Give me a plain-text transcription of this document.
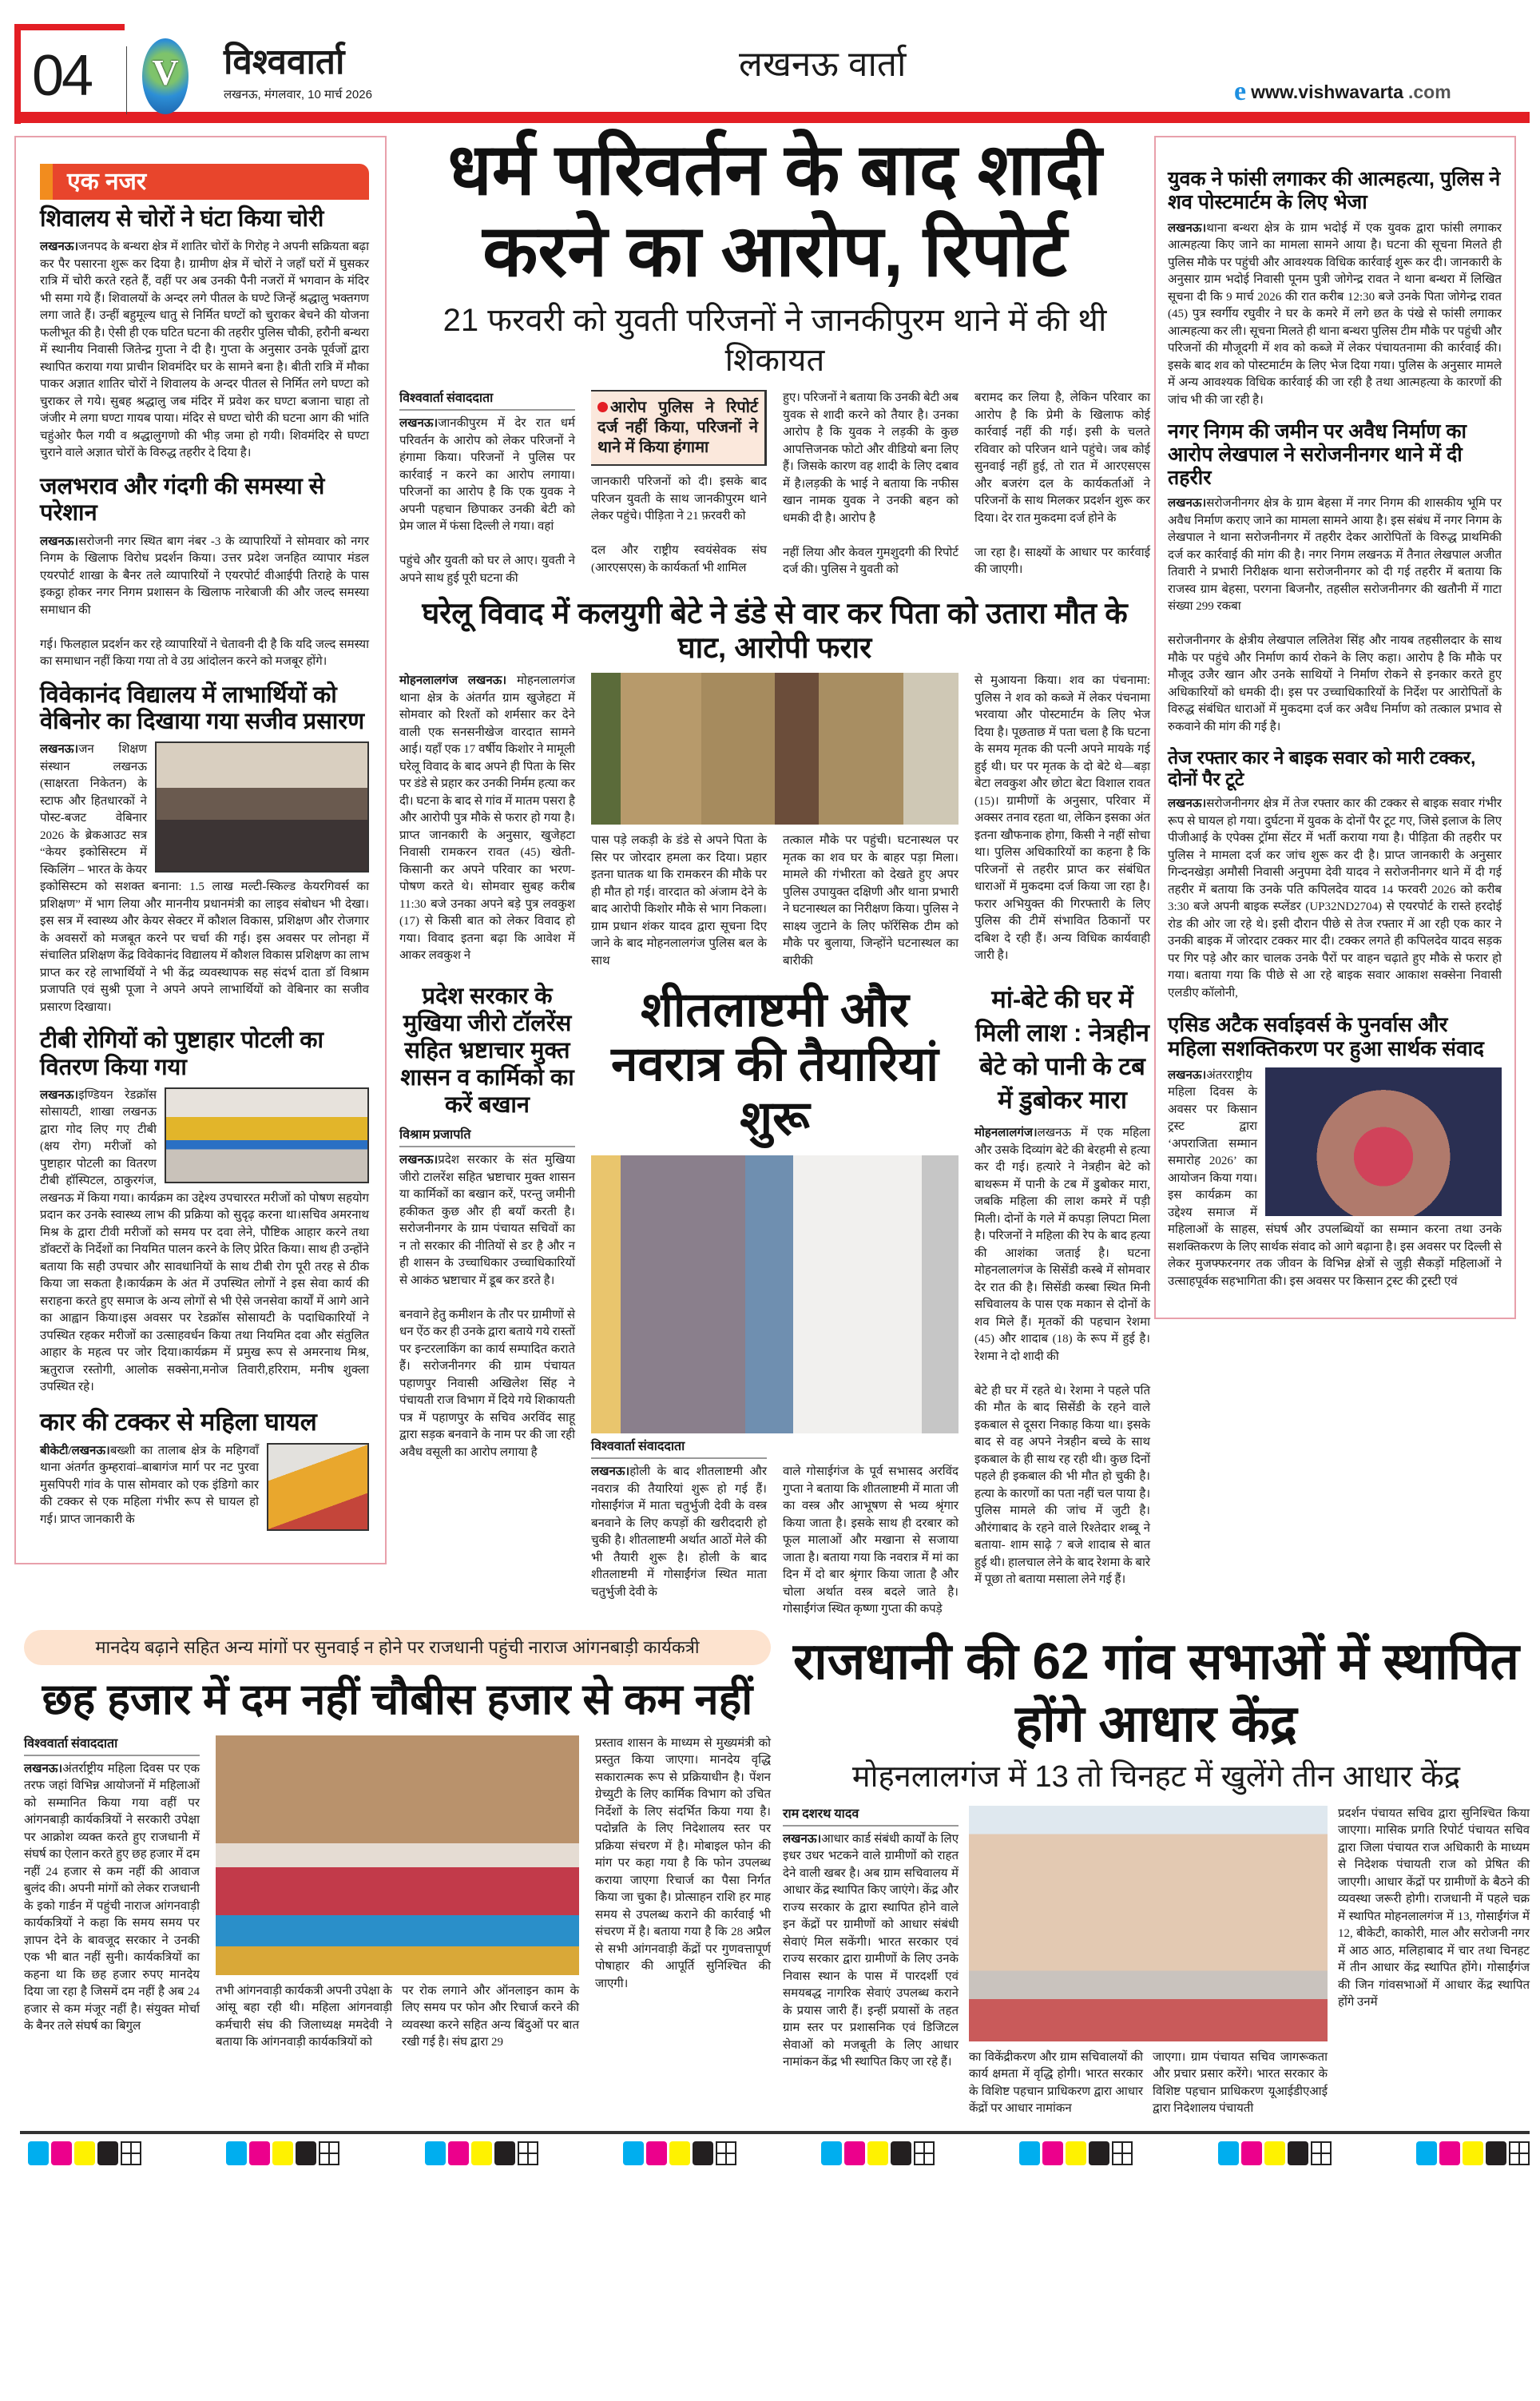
04 V विश्ववार्ता
लखनऊ, मंगलवार, 10 मार्च 2026
लखनऊ वार्ता
e www.vishwavarta .com
एक नजर
शिवालय से चोरों ने घंटा किया चोरी
लखनऊ।जनपद के बन्थरा क्षेत्र में शातिर चोरों के गिरोह ने अपनी सक्रियता बढ़ा कर पैर पसारना शुरू कर दिया है। ग्रामीण क्षेत्र में चोरों ने जहाँ घरों में घुसकर रात्रि में चोरी करते रहते हैं, वहीं पर अब उनकी पैनी नजरों में भगवान के मंदिर भी समा गये हैं। शिवालयों के अन्दर लगे पीतल के घण्टे जिन्हें श्रद्धालु भक्तगण लगा जाते हैं। उन्हीं बहुमूल्य धातु से निर्मित घण्टों को चुराकर बेचने की योजना फलीभूत की है। ऐसी ही एक घटित घटना की तहरीर पुलिस चौकी, हरौनी बन्थरा में स्थानीय निवासी जितेन्द्र गुप्ता ने दी है। गुप्ता के अनुसार उनके पूर्वजों द्वारा स्थापित कराया गया प्राचीन शिवमंदिर घर के सामने बना है। बीती रात्रि में मौका पाकर अज्ञात शातिर चोरों ने शिवालय के अन्दर पीतल से निर्मित लगे घण्टा को चुराकर ले गये। सुबह श्रद्धालु जब मंदिर में प्रवेश कर घण्टा बजाना चाहा तो जंजीर मे लगा घण्टा गायब पाया। मंदिर से घण्टा चोरी की घटना आग की भांति चहुंओर फैल गयी व श्रद्धालुगणो की भीड़ जमा हो गयी। शिवमंदिर से घण्टा चुराने वाले अज्ञात चोरों के विरुद्ध तहरीर दे दिया है।
जलभराव और गंदगी की समस्या से परेशान
लखनऊ।सरोजनी नगर स्थित बाग नंबर -3 के व्यापारियों ने सोमवार को नगर निगम के खिलाफ विरोध प्रदर्शन किया। उत्तर प्रदेश जनहित व्यापार मंडल एयरपोर्ट शाखा के बैनर तले व्यापारियों ने एयरपोर्ट वीआईपी तिराहे के पास इकट्ठा होकर नगर निगम प्रशासन के खिलाफ नारेबाजी की और जल्द समस्या समाधान की
गई। फिलहाल प्रदर्शन कर रहे व्यापारियों ने चेतावनी दी है कि यदि जल्द समस्या का समाधान नहीं किया गया तो वे उग्र आंदोलन करने को मजबूर होंगे।
विवेकानंद विद्यालय में लाभार्थियों को वेबिनोर का दिखाया गया सजीव प्रसारण
लखनऊ।जन शिक्षण संस्थान लखनऊ (साक्षरता निकेतन) के स्टाफ और हितधारकों ने पोस्ट-बजट वेबिनार 2026 के ब्रेकआउट सत्र “केयर इकोसिस्टम में स्किलिंग – भारत के केयर इकोसिस्टम को सशक्त बनाना: 1.5 लाख मल्टी-स्किल्ड केयरगिवर्स का प्रशिक्षण” में भाग लिया और माननीय प्रधानमंत्री का लाइव संबोधन भी देखा। इस सत्र में स्वास्थ्य और केयर सेक्टर में कौशल विकास, प्रशिक्षण और रोजगार के अवसरों को मजबूत करने पर चर्चा की गई। इस अवसर पर लोनहा में संचालित प्रशिक्षण केंद्र विवेकानंद विद्यालय में कौशल विकास प्रशिक्षण का लाभ प्राप्त कर रहे लाभार्थियों ने भी केंद्र व्यवस्थापक सह संदर्भ दाता डॉ विश्राम प्रजापति एवं सुश्री पूजा ने अपने अपने लाभार्थियों को वेबिनार का सजीव प्रसारण दिखाया।
टीबी रोगियों को पुष्टाहार पोटली का वितरण किया गया
लखनऊ।इण्डियन रेडक्रॉस सोसायटी, शाखा लखनऊ द्वारा गोद लिए गए टीबी (क्षय रोग) मरीजों को पुष्टाहार पोटली का वितरण टीबी हॉस्पिटल, ठाकुरगंज, लखनऊ में किया गया। कार्यक्रम का उद्देश्य उपचाररत मरीजों को पोषण सहयोग प्रदान कर उनके स्वास्थ्य लाभ की प्रक्रिया को सुदृढ़ करना था।सचिव अमरनाथ मिश्र के द्वारा टीवी मरीजों को समय पर दवा लेने, पौष्टिक आहार करने तथा डॉक्टरों के निर्देशों का नियमित पालन करने के लिए प्रेरित किया। साथ ही उन्होंने बताया कि सही उपचार और सावधानियों के साथ टीबी रोग पूरी तरह से ठीक किया जा सकता है।कार्यक्रम के अंत में उपस्थित लोगों ने इस सेवा कार्य की सराहना करते हुए समाज के अन्य लोगों से भी ऐसे जनसेवा कार्यों में आगे आने का आह्वान किया।इस अवसर पर रेडक्रॉस सोसायटी के पदाधिकारियों ने उपस्थित रहकर मरीजों का उत्साहवर्धन किया तथा नियमित दवा और संतुलित आहार के महत्व पर जोर दिया।कार्यक्रम में प्रमुख रूप से अमरनाथ मिश्र, ऋतुराज रस्तोगी, आलोक सक्सेना,मनोज तिवारी,हरिराम, मनीष शुक्ला उपस्थित रहे।
कार की टक्कर से महिला घायल
बीकेटी/लखनऊ।बख्शी का तालाब क्षेत्र के महिगवाँ थाना अंतर्गत कुम्हरावां–बाबागंज मार्ग पर नट पुरवा मुसपिपरी गांव के पास सोमवार को एक इंडिगो कार की टक्कर से एक महिला गंभीर रूप से घायल हो गई। प्राप्त जानकारी के
धर्म परिवर्तन के बाद शादी
करने का आरोप, रिपोर्ट
21 फरवरी को युवती परिजनों ने जानकीपुरम थाने में की थी शिकायत
विश्ववार्ता संवाददाता
लखनऊ।जानकीपुरम में देर रात धर्म परिवर्तन के आरोप को लेकर परिजनों ने हंगामा किया। परिजनों ने पुलिस पर कार्रवाई न करने का आरोप लगाया। परिजनों का आरोप है कि एक युवक ने अपनी पहचान छिपाकर उनकी बेटी को प्रेम जाल में फंसा दिल्ली ले गया। वहां
पहुंचे और युवती को घर ले आए। युवती ने अपने साथ हुई पूरी घटना की
आरोप पुलिस ने रिपोर्ट दर्ज नहीं किया, परिजनों ने थाने में किया हंगामा
जानकारी परिजनों को दी। इसके बाद परिजन युवती के साथ जानकीपुरम थाने लेकर पहुंचे। पीड़िता ने 21 फ़रवरी को
दल और राष्ट्रीय स्वयंसेवक संघ (आरएसएस) के कार्यकर्ता भी शामिल
हुए। परिजनों ने बताया कि उनकी बेटी अब युवक से शादी करने को तैयार है। उनका आरोप है कि युवक ने लड़की के कुछ आपत्तिजनक फोटो और वीडियो बना लिए हैं। जिसके कारण वह शादी के लिए दबाव में है।लड़की के भाई ने बताया कि नफीस खान नामक युवक ने उनकी बहन को धमकी दी है। आरोप है
नहीं लिया और केवल गुमशुदगी की रिपोर्ट दर्ज की। पुलिस ने युवती को
बरामद कर लिया है, लेकिन परिवार का आरोप है कि प्रेमी के खिलाफ कोई कार्रवाई नहीं की गई। इसी के चलते रविवार को परिजन थाने पहुंचे। जब कोई सुनवाई नहीं हुई, तो रात में आरएसएस और बजरंग दल के कार्यकर्ताओं ने परिजनों के साथ मिलकर प्रदर्शन शुरू कर दिया। देर रात मुकदमा दर्ज होने के
जा रहा है। साक्ष्यों के आधार पर कार्रवाई की जाएगी।
घरेलू विवाद में कलयुगी बेटे ने डंडे से वार कर पिता को उतारा मौत के घाट, आरोपी फरार
मोहनलालगंज लखनऊ। मोहनलालगंज थाना क्षेत्र के अंतर्गत ग्राम खुजेहटा में सोमवार को रिश्तों को शर्मसार कर देने वाली एक सनसनीखेज वारदात सामने आई। यहाँ एक 17 वर्षीय किशोर ने मामूली घरेलू विवाद के बाद अपने ही पिता के सिर पर डंडे से प्रहार कर उनकी निर्मम हत्या कर दी। घटना के बाद से गांव में मातम पसरा है और आरोपी पुत्र मौके से फरार हो गया है। प्राप्त जानकारी के अनुसार, खुजेहटा निवासी रामकरन रावत (45) खेती-किसानी कर अपने परिवार का भरण-पोषण करते थे। सोमवार सुबह करीब 11:30 बजे उनका अपने बड़े पुत्र लवकुश (17) से किसी बात को लेकर विवाद हो गया। विवाद इतना बढ़ा कि आवेश में आकर लवकुश ने
पास पड़े लकड़ी के डंडे से अपने पिता के सिर पर जोरदार हमला कर दिया। प्रहार इतना घातक था कि रामकरन की मौके पर ही मौत हो गई। वारदात को अंजाम देने के बाद आरोपी किशोर मौके से भाग निकला। ग्राम प्रधान शंकर यादव द्वारा सूचना दिए जाने के बाद मोहनलालगंज पुलिस बल के साथ
तत्काल मौके पर पहुंची। घटनास्थल पर मृतक का शव घर के बाहर पड़ा मिला। मामले की गंभीरता को देखते हुए अपर पुलिस उपायुक्त दक्षिणी और थाना प्रभारी ने घटनास्थल का निरीक्षण किया। पुलिस ने साक्ष्य जुटाने के लिए फॉरेंसिक टीम को मौके पर बुलाया, जिन्होंने घटनास्थल का बारीकी
से मुआयना किया। शव का पंचनामा: पुलिस ने शव को कब्जे में लेकर पंचनामा भरवाया और पोस्टमार्टम के लिए भेज दिया है। पूछताछ में पता चला है कि घटना के समय मृतक की पत्नी अपने मायके गई हुई थी। घर पर मृतक के दो बेटे थे—बड़ा बेटा लवकुश और छोटा बेटा विशाल रावत (15)। ग्रामीणों के अनुसार, परिवार में अक्सर तनाव रहता था, लेकिन इसका अंत इतना खौफनाक होगा, किसी ने नहीं सोचा था। पुलिस अधिकारियों का कहना है कि परिजनों से तहरीर प्राप्त कर संबंधित धाराओं में मुकदमा दर्ज किया जा रहा है। फरार अभियुक्त की गिरफ्तारी के लिए पुलिस की टीमें संभावित ठिकानों पर दबिश दे रही हैं। अन्य विधिक कार्यवाही जारी है।
प्रदेश सरकार के मुखिया जीरो टॉलरेंस सहित भ्रष्टाचार मुक्त शासन व कार्मिको का करें बखान
विश्राम प्रजापति
लखनऊ।प्रदेश सरकार के संत मुखिया जीरो टालरेंश सहित भ्रष्टाचार मुक्त शासन या कार्मिकों का बखान करें, परन्तु जमीनी हकीकत कुछ और ही बयाँ करती है। सरोजनीनगर के ग्राम पंचायत सचिवों का न तो सरकार की नीतियों से डर है और न ही शासन के उच्चाधिकार उच्चाधिकारियों से आकंठ भ्रष्टाचार में डूब कर डरते है।
बनवाने हेतु कमीशन के तौर पर ग्रामीणों से धन ऐंठ कर ही उनके द्वारा बताये गये रास्तों पर इन्टरलाकिंग का कार्य सम्पादित कराते हैं। सरोजनीनगर की ग्राम पंचायत पहाणपुर निवासी अखिलेश सिंह ने पंचायती राज विभाग में दिये गये शिकायती पत्र में पहाणपुर के सचिव अरविंद साहू द्वारा सड़क बनवाने के नाम पर की जा रही अवैध वसूली का आरोप लगाया है
शीतलाष्टमी और नवरात्र की तैयारियां शुरू
विश्ववार्ता संवाददाता
लखनऊ।होली के बाद शीतलाष्टमी और नवरात्र की तैयारियां शुरू हो गई हैं। गोसाईंगंज में माता चतुर्भुजी देवी के वस्त्र बनवाने के लिए कपड़ों की खरीददारी हो चुकी है। शीतलाष्टमी अर्थात आठों मेले की भी तैयारी शुरू है। होली के बाद शीतलाष्टमी में गोसाईंगंज स्थित माता चतुर्भुजी देवी के
वाले गोसाईगंज के पूर्व सभासद अरविंद गुप्ता ने बताया कि शीतलाष्टमी में माता जी का वस्त्र और आभूषण से भव्य श्रृंगार किया जाता है। इसके साथ ही दरबार को फूल मालाओं और मखाना से सजाया जाता है। बताया गया कि नवरात्र में मां का दिन में दो बार श्रृंगार किया जाता है और चोला अर्थात वस्त्र बदले जाते है। गोसाईंगंज स्थित कृष्णा गुप्ता की कपड़े
मां-बेटे की घर में मिली लाश : नेत्रहीन बेटे को पानी के टब में डुबोकर मारा
मोहनलालगंज।लखनऊ में एक महिला और उसके दिव्यांग बेटे की बेरहमी से हत्या कर दी गई। हत्यारे ने नेत्रहीन बेटे को बाथरूम में पानी के टब में डुबोकर मारा, जबकि महिला की लाश कमरे में पड़ी मिली। दोनों के गले में कपड़ा लिपटा मिला है। परिजनों ने महिला की रेप के बाद हत्या की आशंका जताई है। घटना मोहनलालगंज के सिसेंडी कस्बे में सोमवार देर रात की है। सिसेंडी कस्बा स्थित मिनी सचिवालय के पास एक मकान से दोनों के शव मिले हैं। मृतकों की पहचान रेशमा (45) और शादाब (18) के रूप में हुई है। रेशमा ने दो शादी की
बेटे ही घर में रहते थे। रेशमा ने पहले पति की मौत के बाद सिसेंडी के रहने वाले इकबाल से दूसरा निकाह किया था। इसके बाद से वह अपने नेत्रहीन बच्चे के साथ इकबाल के ही साथ रह रही थी। कुछ दिनों पहले ही इकबाल की भी मौत हो चुकी है। हत्या के कारणों का पता नहीं चल पाया है। पुलिस मामले की जांच में जुटी है। औरंगाबाद के रहने वाले रिश्तेदार शब्बू ने बताया- शाम साढ़े 7 बजे शादाब से बात हुई थी। हालचाल लेने के बाद रेशमा के बारे में पूछा तो बताया मसाला लेने गई हैं।
युवक ने फांसी लगाकर की आत्महत्या, पुलिस ने शव पोस्टमार्टम के लिए भेजा
लखनऊ।थाना बन्थरा क्षेत्र के ग्राम भदोई में एक युवक द्वारा फांसी लगाकर आत्महत्या किए जाने का मामला सामने आया है। घटना की सूचना मिलते ही पुलिस मौके पर पहुंची और आवश्यक विधिक कार्रवाई शुरू कर दी। जानकारी के अनुसार ग्राम भदोई निवासी पूनम पुत्री जोगेन्द्र रावत ने थाना बन्थरा में लिखित सूचना दी कि 9 मार्च 2026 की रात करीब 12:30 बजे उनके पिता जोगेन्द्र रावत (45) पुत्र स्वर्गीय रघुवीर ने घर के कमरे में लगे छत के पंखे से फांसी लगाकर आत्महत्या कर ली। सूचना मिलते ही थाना बन्थरा पुलिस टीम मौके पर पहुंची और परिजनों की मौजूदगी में शव को कब्जे में लेकर पंचायतनामा की कार्रवाई की। इसके बाद शव को पोस्टमार्टम के लिए भेज दिया गया। पुलिस के अनुसार मामले में अन्य आवश्यक विधिक कार्रवाई की जा रही है तथा आत्महत्या के कारणों की जांच भी की जा रही है।
नगर निगम की जमीन पर अवैध निर्माण का आरोप लेखपाल ने सरोजनीनगर थाने में दी तहरीर
लखनऊ।सरोजनीनगर क्षेत्र के ग्राम बेहसा में नगर निगम की शासकीय भूमि पर अवैध निर्माण कराए जाने का मामला सामने आया है। इस संबंध में नगर निगम के लेखपाल ने थाना सरोजनीनगर में तहरीर देकर आरोपितों के विरुद्ध प्राथमिकी दर्ज कर कार्रवाई की मांग की है। नगर निगम लखनऊ में तैनात लेखपाल अजीत तिवारी ने प्रभारी निरीक्षक थाना सरोजनीनगर को दी गई तहरीर में बताया कि राजस्व ग्राम बेहसा, परगना बिजनौर, तहसील सरोजनीनगर की खतौनी में गाटा संख्या 299 रकबा
सरोजनीनगर के क्षेत्रीय लेखपाल ललितेश सिंह और नायब तहसीलदार के साथ मौके पर पहुंचे और निर्माण कार्य रोकने के लिए कहा। आरोप है कि मौके पर मौजूद उजैर खान और उनके साथियों ने निर्माण रोकने से इनकार करते हुए अधिकारियों को धमकी दी। इस पर उच्चाधिकारियों के निर्देश पर आरोपितों के विरुद्ध संबंधित धाराओं में मुकदमा दर्ज कर अवैध निर्माण को तत्काल प्रभाव से रुकवाने की मांग की गई है।
तेज रफ्तार कार ने बाइक सवार को मारी टक्कर, दोनों पैर टूटे
लखनऊ।सरोजनीनगर क्षेत्र में तेज रफ्तार कार की टक्कर से बाइक सवार गंभीर रूप से घायल हो गया। दुर्घटना में युवक के दोनों पैर टूट गए, जिसे इलाज के लिए पीजीआई के एपेक्स ट्रॉमा सेंटर में भर्ती कराया गया है। पीड़िता की तहरीर पर पुलिस ने मामला दर्ज कर जांच शुरू कर दी है। प्राप्त जानकारी के अनुसार गिन्दनखेड़ा अमौसी निवासी अनुपमा देवी यादव ने सरोजनीनगर थाने में दी गई तहरीर में बताया कि उनके पति कपिलदेव यादव 14 फरवरी 2026 को करीब 3:30 बजे अपनी बाइक स्प्लेंडर (UP32ND2704) से एयरपोर्ट के रास्ते हरदोई रोड की ओर जा रहे थे। इसी दौरान पीछे से तेज रफ्तार में आ रही एक कार ने उनकी बाइक में जोरदार टक्कर मार दी। टक्कर लगते ही कपिलदेव यादव सड़क पर गिर पड़े और कार चालक उनके पैरों पर वाहन चढ़ाते हुए मौके से फरार हो गया। बताया गया कि पीछे से आ रहे बाइक सवार आकाश सक्सेना निवासी एलडीए कॉलोनी,
एसिड अटैक सर्वाइवर्स के पुनर्वास और महिला सशक्तिकरण पर हुआ सार्थक संवाद
लखनऊ।अंतरराष्ट्रीय महिला दिवस के अवसर पर किसान ट्रस्ट द्वारा ‘अपराजिता सम्मान समारोह 2026’ का आयोजन किया गया। इस कार्यक्रम का उद्देश्य समाज में महिलाओं के साहस, संघर्ष और उपलब्धियों का सम्मान करना तथा उनके सशक्तिकरण के लिए सार्थक संवाद को आगे बढ़ाना है। इस अवसर पर दिल्ली से लेकर मुजफ्फरनगर तक जीवन के विभिन्न क्षेत्रों से जुड़ी सैकड़ों महिलाओं ने उत्साहपूर्वक सहभागिता की। इस अवसर पर किसान ट्रस्ट की ट्रस्टी एवं
मानदेय बढ़ाने सहित अन्य मांगों पर सुनवाई न होने पर राजधानी पहुंची नाराज आंगनबाड़ी कार्यकत्री
छह हजार में दम नहीं चौबीस हजार से कम नहीं
विश्ववार्ता संवाददाता
लखनऊ।अंतर्राष्ट्रीय महिला दिवस पर एक तरफ जहां विभिन्न आयोजनों में महिलाओं को सम्मानित किया गया वहीं पर आंगनबाड़ी कार्यकत्रियों ने सरकारी उपेक्षा पर आक्रोश व्यक्त करते हुए राजधानी में संघर्ष का ऐलान करते हुए छह हजार में दम नहीं 24 हजार से कम नहीं की आवाज बुलंद की। अपनी मांगों को लेकर राजधानी के इको गार्डन में पहुंची नाराज आंगनवाड़ी कार्यकत्रियों ने कहा कि समय समय पर ज्ञापन देने के बावजूद सरकार ने उनकी एक भी बात नहीं सुनी। कार्यकत्रियों का कहना था कि छह हजार रुपए मानदेय दिया जा रहा है जिसमें दम नहीं है अब 24 हजार से कम मंजूर नहीं है। संयुक्त मोर्चा के बैनर तले संघर्ष का बिगुल
तभी आंगनवाड़ी कार्यकत्री अपनी उपेक्षा के आंसू बहा रही थी। महिला आंगनवाड़ी कर्मचारी संघ की जिलाध्यक्ष ममदेवी ने बताया कि आंगनवाड़ी कार्यकत्रियों को
पर रोक लगाने और ऑनलाइन काम के लिए समय पर फोन और रिचार्ज करने की व्यवस्था करने सहित अन्य बिंदुओं पर बात रखी गई है। संघ द्वारा 29
प्रस्ताव शासन के माध्यम से मुख्यमंत्री को प्रस्तुत किया जाएगा। मानदेय वृद्धि सकारात्मक रूप से प्रक्रियाधीन है। पेंशन ग्रेच्युटी के लिए कार्मिक विभाग को उचित निर्देशों के लिए संदर्भित किया गया है। पदोन्नति के लिए निदेशालय स्तर पर प्रक्रिया संचरण में है। मोबाइल फोन की मांग पर कहा गया है कि फोन उपलब्ध कराया जाएगा रिचार्ज का पैसा निर्गत किया जा चुका है। प्रोत्साहन राशि हर माह समय से उपलब्ध कराने की कार्रवाई भी संचरण में है। बताया गया है कि 28 अप्रैल से सभी आंगनवाड़ी केंद्रों पर गुणवत्तापूर्ण पोषाहार की आपूर्ति सुनिश्चित की जाएगी।
राजधानी की 62 गांव सभाओं में स्थापित होंगे आधार केंद्र
मोहनलालगंज में 13 तो चिनहट में खुलेंगे तीन आधार केंद्र
राम दशरथ यादव
लखनऊ।आधार कार्ड संबंधी कार्यों के लिए इधर उधर भटकने वाले ग्रामीणों को राहत देने वाली खबर है। अब ग्राम सचिवालय में आधार केंद्र स्थापित किए जाएंगे। केंद्र और राज्य सरकार के द्वारा स्थापित होने वाले इन केंद्रों पर ग्रामीणों को आधार संबंधी सेवाएं मिल सकेंगी। भारत सरकार एवं राज्य सरकार द्वारा ग्रामीणों के लिए उनके निवास स्थान के पास में पारदर्शी एवं समयबद्ध नागरिक सेवाएं उपलब्ध कराने के प्रयास जारी हैं। इन्हीं प्रयासों के तहत ग्राम स्तर पर प्रशासनिक एवं डिजिटल सेवाओं को मजबूती के लिए आधार नामांकन केंद्र भी स्थापित किए जा रहे हैं।	का विकेंद्रीकरण और ग्राम सचिवालयों की कार्य क्षमता में वृद्धि होगी। भारत सरकार के विशिष्ट पहचान प्राधिकरण द्वारा आधार केंद्रों पर आधार नामांकन
जाएगा। ग्राम पंचायत सचिव जागरूकता और प्रचार प्रसार करेंगे। भारत सरकार के विशिष्ट पहचान प्राधिकरण यूआईडीएआई द्वारा निदेशालय पंचायती
प्रदर्शन पंचायत सचिव द्वारा सुनिश्चित किया जाएगा। मासिक प्रगति रिपोर्ट पंचायत सचिव द्वारा जिला पंचायत राज अधिकारी के माध्यम से निदेशक पंचायती राज को प्रेषित की जाएगी। आधार केंद्रों पर ग्रामीणों के बैठने की व्यवस्था जरूरी होगी। राजधानी में पहले चक्र में स्थापित मोहनलालगंज में 13, गोसाईंगंज में 12, बीकेटी, काकोरी, माल और सरोजनी नगर में आठ आठ, मलिहाबाद में चार तथा चिनहट में तीन आधार केंद्र स्थापित होंगे। गोसाईंगंज की जिन गांवसभाओं में आधार केंद्र स्थापित होंगे उनमें
